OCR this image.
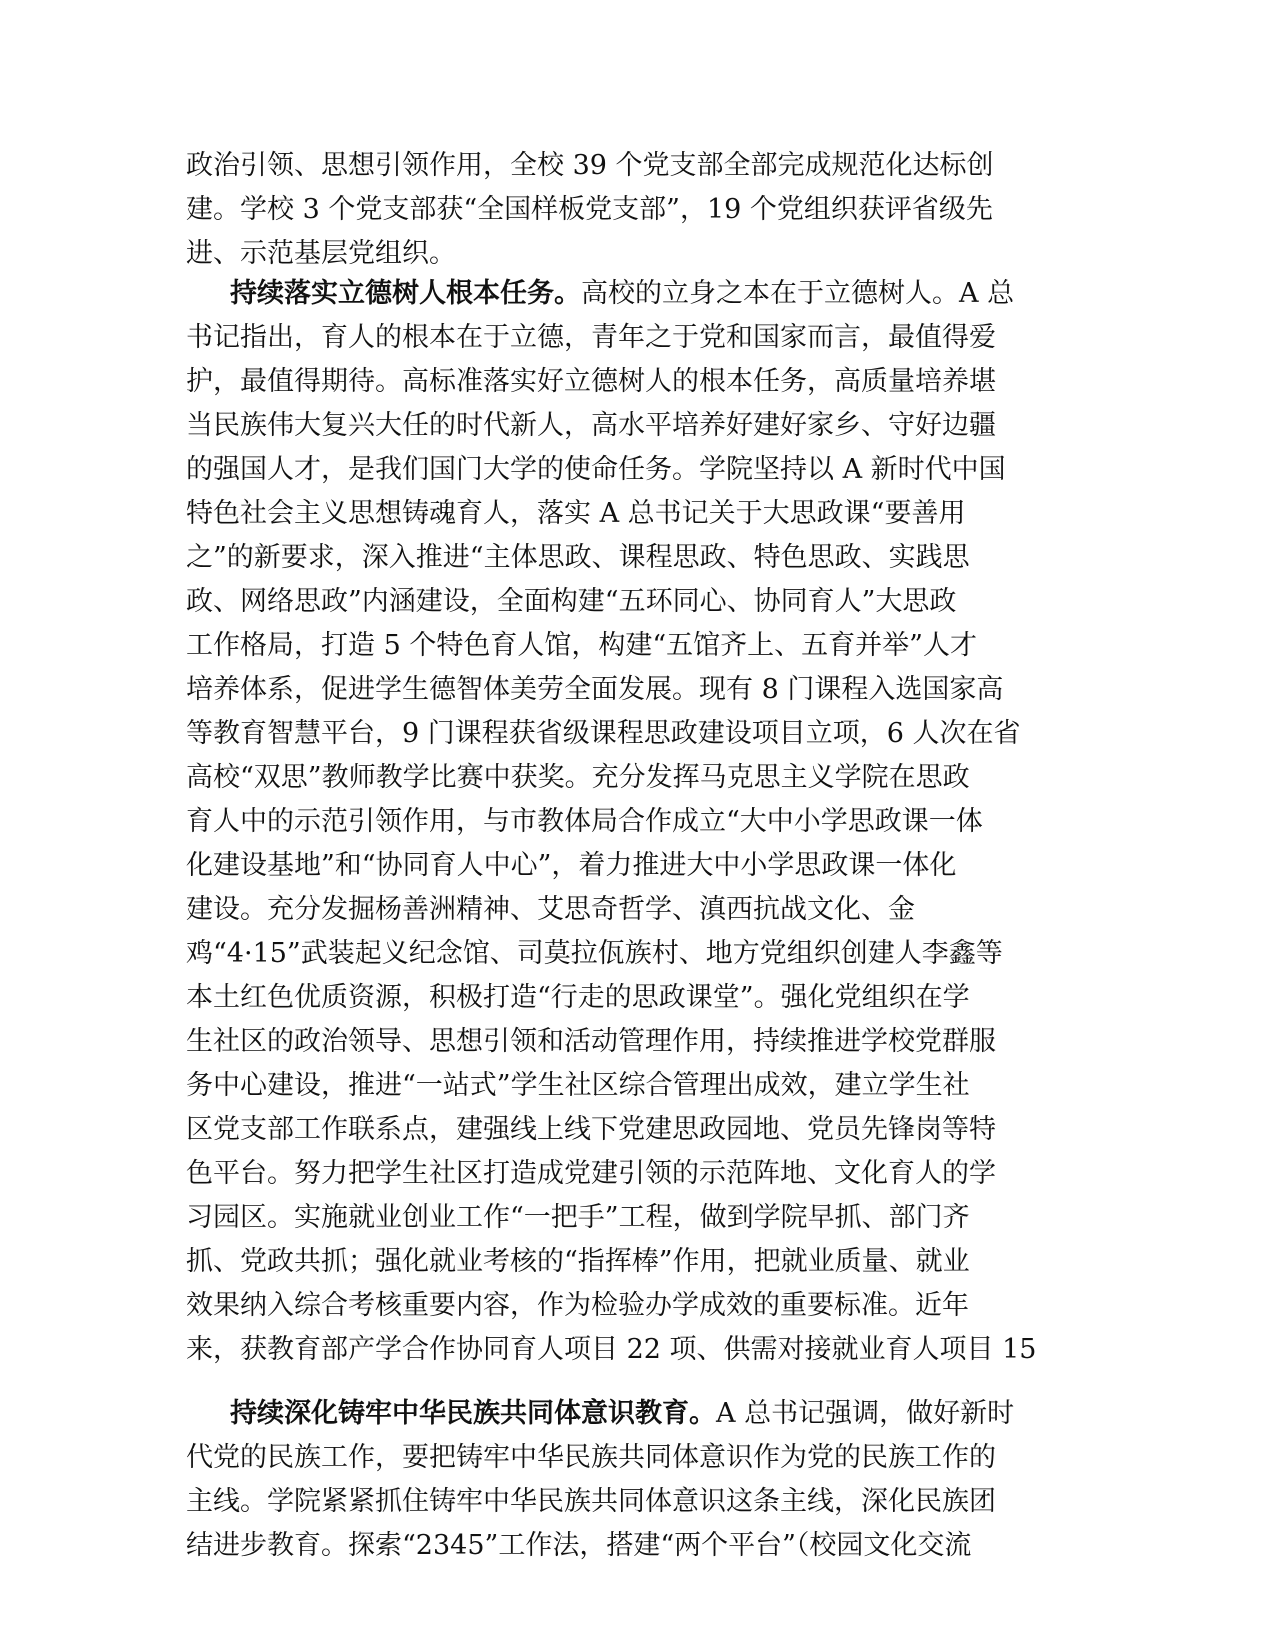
政治引领、思想引领作用，全校 39 个党支部全部完成规范化达标创
建。学校 3 个党支部获“全国样板党支部”，19 个党组织获评省级先
进、示范基层党组织。
持续落实立德树人根本任务。高校的立身之本在于立德树人。A 总
书记指出，育人的根本在于立德，青年之于党和国家而言，最值得爱
护，最值得期待。高标准落实好立德树人的根本任务，高质量培养堪
当民族伟大复兴大任的时代新人，高水平培养好建好家乡、守好边疆
的强国人才，是我们国门大学的使命任务。学院坚持以 A 新时代中国
特色社会主义思想铸魂育人，落实 A 总书记关于大思政课“要善用
之”的新要求，深入推进“主体思政、课程思政、特色思政、实践思
政、网络思政”内涵建设，全面构建“五环同心、协同育人”大思政
工作格局，打造 5 个特色育人馆，构建“五馆齐上、五育并举”人才
培养体系，促进学生德智体美劳全面发展。现有 8 门课程入选国家高
等教育智慧平台，9 门课程获省级课程思政建设项目立项，6 人次在省
高校“双思”教师教学比赛中获奖。充分发挥马克思主义学院在思政
育人中的示范引领作用，与市教体局合作成立“大中小学思政课一体
化建设基地”和“协同育人中心”，着力推进大中小学思政课一体化
建设。充分发掘杨善洲精神、艾思奇哲学、滇西抗战文化、金
鸡“4·15”武装起义纪念馆、司莫拉佤族村、地方党组织创建人李鑫等
本土红色优质资源，积极打造“行走的思政课堂”。强化党组织在学
生社区的政治领导、思想引领和活动管理作用，持续推进学校党群服
务中心建设，推进“一站式”学生社区综合管理出成效，建立学生社
区党支部工作联系点，建强线上线下党建思政园地、党员先锋岗等特
色平台。努力把学生社区打造成党建引领的示范阵地、文化育人的学
习园区。实施就业创业工作“一把手”工程，做到学院早抓、部门齐
抓、党政共抓；强化就业考核的“指挥棒”作用，把就业质量、就业
效果纳入综合考核重要内容，作为检验办学成效的重要标准。近年
来，获教育部产学合作协同育人项目 22 项、供需对接就业育人项目 15
持续深化铸牢中华民族共同体意识教育。A 总书记强调，做好新时
代党的民族工作，要把铸牢中华民族共同体意识作为党的民族工作的
主线。学院紧紧抓住铸牢中华民族共同体意识这条主线，深化民族团
结进步教育。探索“2345”工作法，搭建“两个平台”（校园文化交流
